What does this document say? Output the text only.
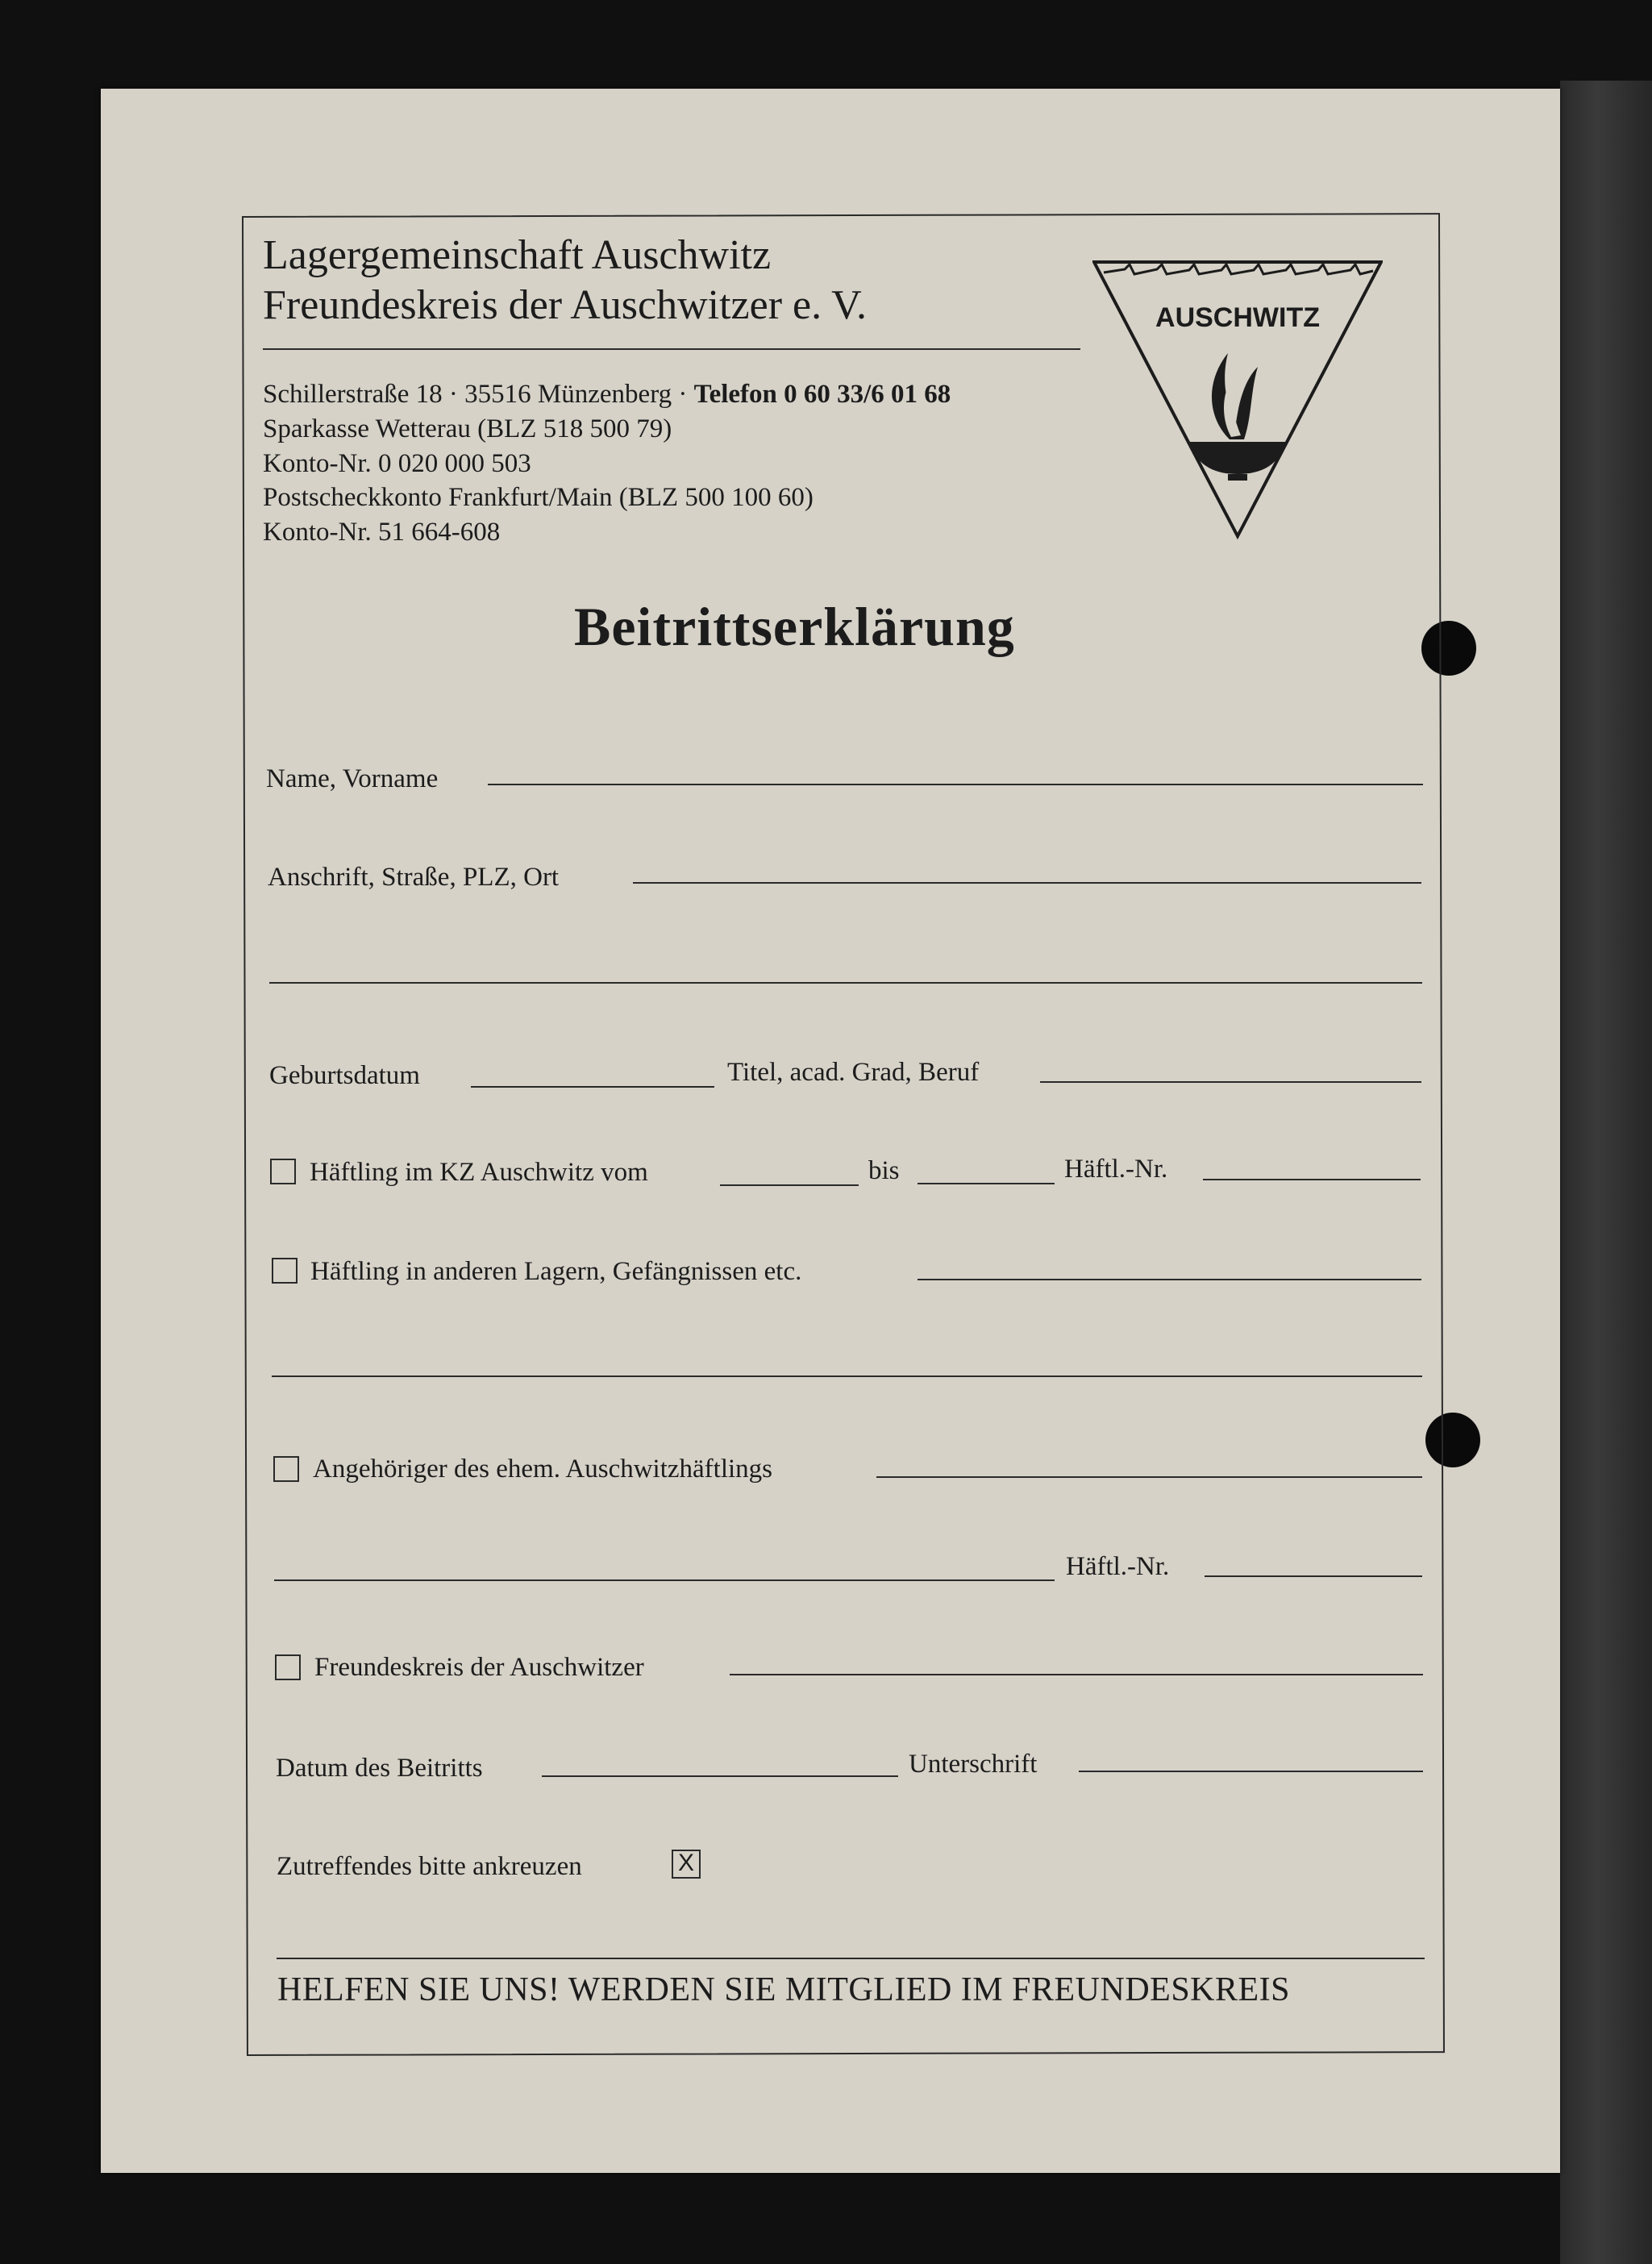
Lagergemeinschaft Auschwitz
Freundeskreis der Auschwitzer e. V.
Schillerstraße 18 · 35516 Münzenberg · Telefon 0 60 33/6 01 68
Sparkasse Wetterau (BLZ 518 500 79)
Konto-Nr. 0 020 000 503
Postscheckkonto Frankfurt/Main (BLZ 500 100 60)
Konto-Nr. 51 664-608
AUSCHWITZ
Beitrittserklärung
Name, Vorname
Anschrift, Straße, PLZ, Ort
Geburtsdatum	Titel, acad. Grad, Beruf
Häftling im KZ Auschwitz vom	bis	Häftl.-Nr.
Häftling in anderen Lagern, Gefängnissen etc.
Angehöriger des ehem. Auschwitzhäftlings
Häftl.-Nr.
Freundeskreis der Auschwitzer
Datum des Beitritts	Unterschrift
Zutreffendes bitte ankreuzen	X
HELFEN SIE UNS! WERDEN SIE MITGLIED IM FREUNDESKREIS
